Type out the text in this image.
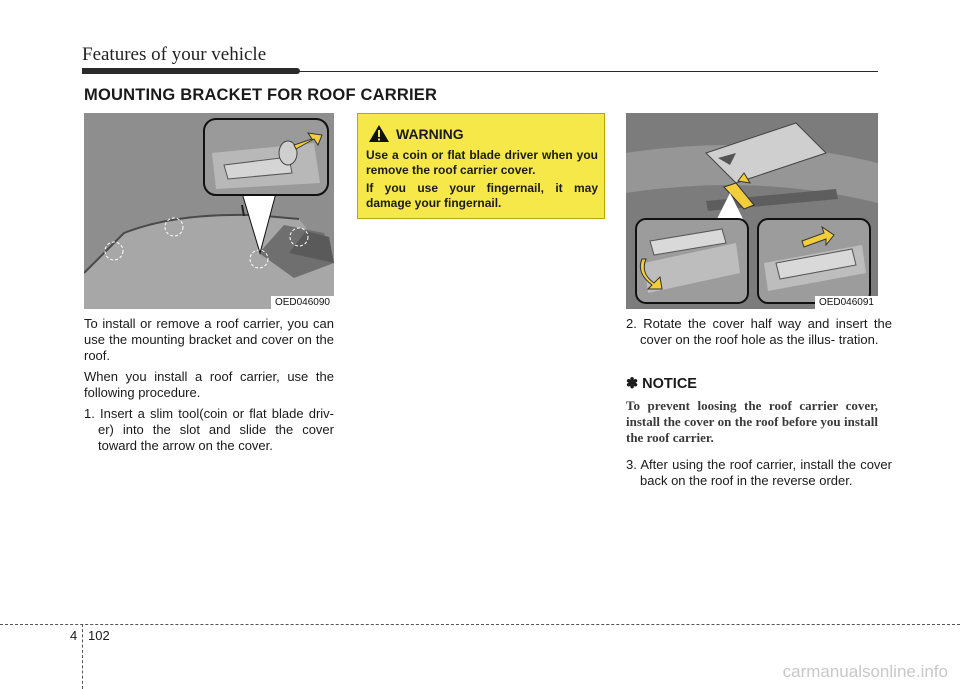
Features of your vehicle
MOUNTING BRACKET FOR ROOF CARRIER
OED046090

To install or remove a roof carrier, you can use the mounting bracket and cover on the roof.

When you install a roof carrier, use the following procedure.

1. Insert a slim tool(coin or flat blade driv- er) into the slot and slide the cover toward the arrow on the cover.

WARNING

Use a coin or flat blade driver when you remove the roof carrier cover.

If you use your fingernail, it may damage your fingernail.

OED046091
2. Rotate the cover half way and insert the cover on the roof hole as the illus- tration.
✽ NOTICE
To prevent loosing the roof carrier cover, install the cover on the roof before you install the roof carrier.
3. After using the roof carrier, install the cover back on the roof in the reverse order.
4 102
carmanualsonline.info
